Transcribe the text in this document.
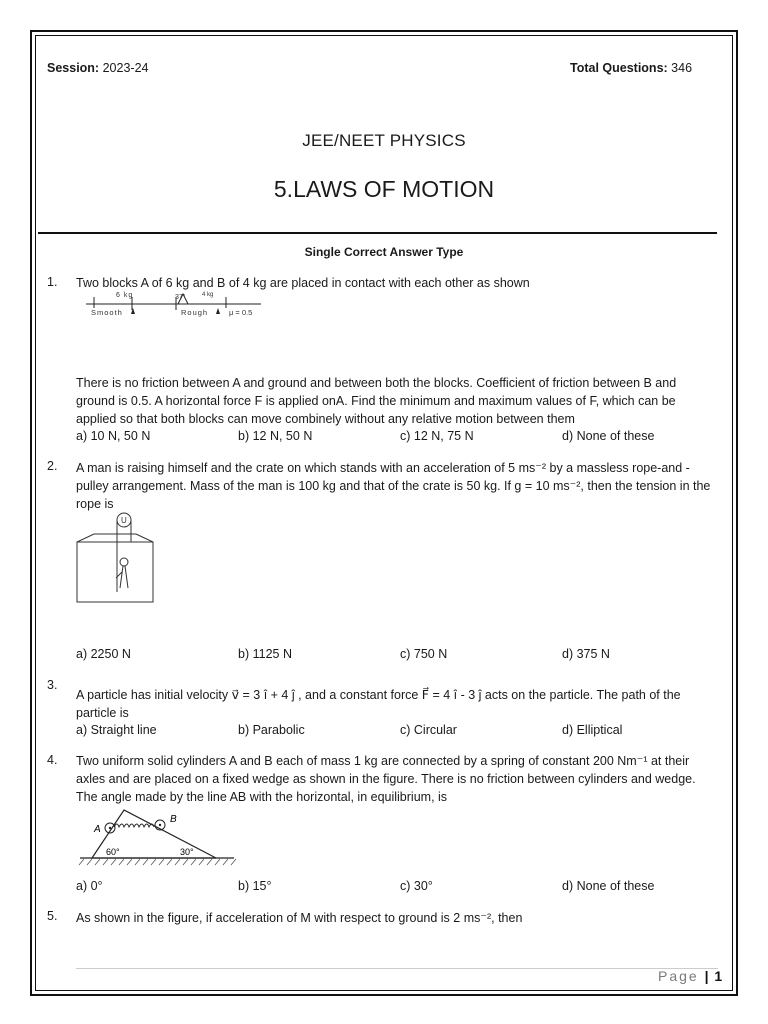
Session: 2023-24	Total Questions: 346
JEE/NEET PHYSICS
5.LAWS OF MOTION
Single Correct Answer Type
1. Two blocks A of 6 kg and B of 4 kg are placed in contact with each other as shown
6 kg	37°	4 kg
Smooth	Rough	μ = 0.5
There is no friction between A and ground and between both the blocks. Coefficient of friction between B and ground is 0.5. A horizontal force F is applied onA. Find the minimum and maximum values of F, which can be applied so that both blocks can move combinely without any relative motion between them
a) 10 N, 50 N	b) 12 N, 50 N	c) 12 N, 75 N	d) None of these
2. A man is raising himself and the crate on which stands with an acceleration of 5 ms⁻² by a massless rope-and -pulley arrangement. Mass of the man is 100 kg and that of the crate is 50 kg. If g = 10 ms⁻², then the tension in the rope is
U
a) 2250 N	b) 1125 N	c) 750 N	d) 375 N
3.
A particle has initial velocity v⃗ = 3 î + 4 ĵ , and a constant force F⃗ = 4 î - 3 ĵ acts on the particle. The path of the particle is
a) Straight line	b) Parabolic	c) Circular	d) Elliptical
4. Two uniform solid cylinders A and B each of mass 1 kg are connected by a spring of constant 200 Nm⁻¹ at their axles and are placed on a fixed wedge as shown in the figure. There is no friction between cylinders and wedge. The angle made by the line AB with the horizontal, in equilibrium, is
A
B
60°	30°
a) 0°	b) 15°	c) 30°	d) None of these
5. As shown in the figure, if acceleration of M with respect to ground is 2 ms⁻², then
Page | 1
